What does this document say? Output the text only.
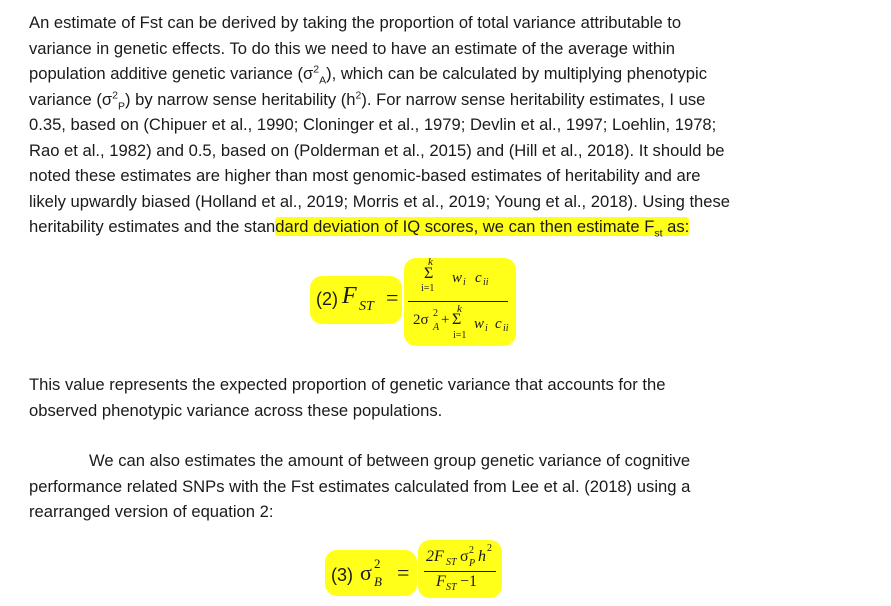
An estimate of Fst can be derived by taking the proportion of total variance attributable to
variance in genetic effects. To do this we need to have an estimate of the average within
population additive genetic variance $(\sigma^2_A)$, which can be calculated by multiplying phenotypic
variance $(\sigma^2_P)$ by narrow sense heritability $(h^2)$. For narrow sense heritability estimates, I use
0.35, based on (Chipuer et al., 1990; Cloninger et al., 1979; Devlin et al., 1997; Loehlin, 1978;
Rao et al., 1982) and 0.5, based on (Polderman et al., 2015) and (Hill et al., 2018). It should be
noted these estimates are higher than most genomic-based estimates of heritability and are
likely upwardly biased (Holland et al., 2019; Morris et al., 2019; Young et al., 2018). Using these
heritability estimates and the standard deviation of IQ scores, we can then estimate $F_{st}$ as:
(2) F ST =
k
Σ
i=1
w i c ii
2σ 2
A +
k
Σ
i=1
w i c ii
This value represents the expected proportion of genetic variance that accounts for the
observed phenotypic variance across these populations.
We can also estimates the amount of between group genetic variance of cognitive
performance related SNPs with the Fst estimates calculated from Lee et al. (2018) using a
rearranged version of equation 2:
(3) σ 2
B =
2F ST σ 2
P h 2
F ST −1
